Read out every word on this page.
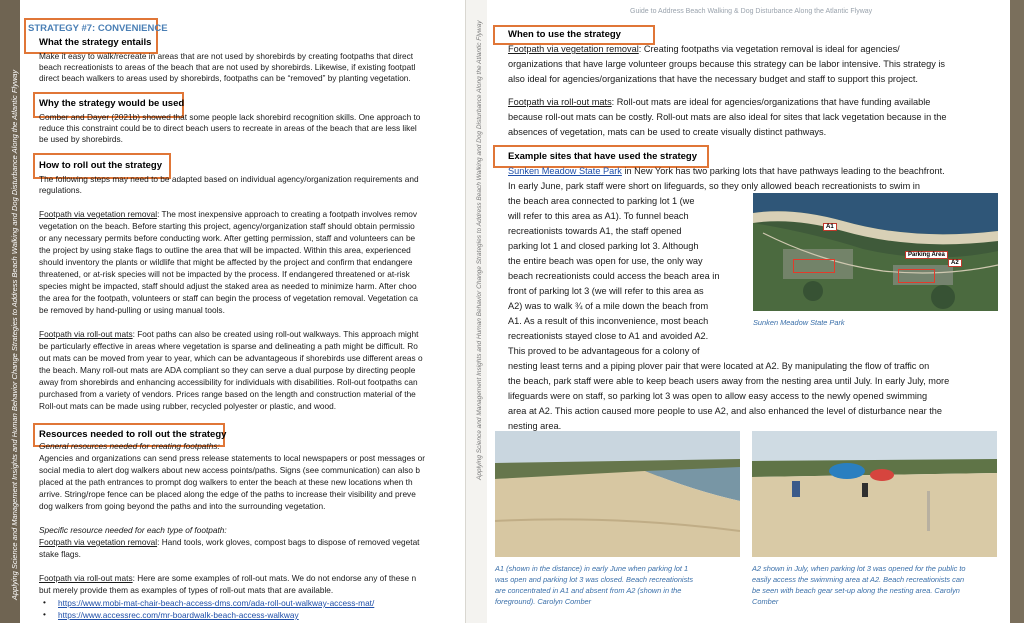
Applying Science and Management Insights and Human Behavior Change Strategies to Address Beach Walking and Dog Disturbance Along the Atlantic Flyway
STRATEGY #7: CONVENIENCE
What the strategy entails
Make it easy to walk/recreate in areas that are not used by shorebirds by creating footpaths that direct
beach recreationists to areas of the beach that are not used by shorebirds. Likewise, if existing footpatl
direct beach walkers to areas used by shorebirds, footpaths can be “removed” by planting vegetation.
Why the strategy would be used
Comber and Dayer (2021b) showed that some people lack shorebird recognition skills. One approach to
reduce this constraint could be to direct beach users to recreate in areas of the beach that are less likel
be used by shorebirds.
How to roll out the strategy
The following steps may need to be adapted based on individual agency/organization requirements and
regulations.
Footpath via vegetation removal: The most inexpensive approach to creating a footpath involves remov
vegetation on the beach. Before starting this project, agency/organization staff should obtain permissio
or any necessary permits before conducting work. After getting permission, staff and volunteers can be
the project by using stake flags to outline the area that will be impacted. Within this area, experienced
should inventory the plants or wildlife that might be affected by the project and confirm that endangere
threatened, or at-risk species will not be impacted by the process. If endangered threatened or at-risk
species might be impacted, staff should adjust the staked area as needed to minimize harm. After choo
the area for the footpath, volunteers or staff can begin the process of vegetation removal. Vegetation ca
be removed by hand-pulling or using manual tools.
Footpath via roll-out mats: Foot paths can also be created using roll-out walkways. This approach might
be particularly effective in areas where vegetation is sparse and delineating a path might be difficult. Ro
out mats can be moved from year to year, which can be advantageous if shorebirds use different areas o
the beach. Many roll-out mats are ADA compliant so they can serve a dual purpose by directing people
away from shorebirds and enhancing accessibility for individuals with disabilities. Roll-out footpaths can
purchased from a variety of vendors. Prices range based on the length and construction material of the
Roll-out mats can be made using rubber, recycled polyester or plastic, and wood.
Resources needed to roll out the strategy
General resources needed for creating footpaths:
Agencies and organizations can send press release statements to local newspapers or post messages or
social media to alert dog walkers about new access points/paths. Signs (see communication) can also b
placed at the path entrances to prompt dog walkers to enter the beach at these new locations when th
arrive. String/rope fence can be placed along the edge of the paths to increase their visibility and preve
dog walkers from going beyond the paths and into the surrounding vegetation.
Specific resource needed for each type of footpath:
Footpath via vegetation removal: Hand tools, work gloves, compost bags to dispose of removed vegetat
stake flags.
Footpath via roll-out mats: Here are some examples of roll-out mats. We do not endorse any of these n
but merely provide them as examples of types of roll-out mats that are available.
• https://www.mobi-mat-chair-beach-access-dms.com/ada-roll-out-walkway-access-mat/
• https://www.accessrec.com/mr-boardwalk-beach-access-walkway
Applying Science and Management Insights and Human Behavior Change Strategies to Address Beach Walking and Dog Disturbance Along the Atlantic Flyway
Guide to Address Beach Walking & Dog Disturbance Along the Atlantic Flyway
When to use the strategy
Footpath via vegetation removal: Creating footpaths via vegetation removal is ideal for agencies/
organizations that have large volunteer groups because this strategy can be labor intensive. This strategy is
also ideal for agencies/organizations that have the necessary budget and staff to support this project.
Footpath via roll-out mats: Roll-out mats are ideal for agencies/organizations that have funding available
because roll-out mats can be costly. Roll-out mats are also ideal for sites that lack vegetation because in the
absences of vegetation, mats can be used to create visually distinct pathways.
Example sites that have used the strategy
Sunken Meadow State Park in New York has two parking lots that have pathways leading to the beachfront.
In early June, park staff were short on lifeguards, so they only allowed beach recreationists to swim in
the beach area connected to parking lot 1 (we
will refer to this area as A1). To funnel beach
recreationists towards A1, the staff opened
parking lot 1 and closed parking lot 3. Although
the entire beach was open for use, the only way
beach recreationists could access the beach area in
front of parking lot 3 (we will refer to this area as
A2) was to walk ¾ of a mile down the beach from
A1. As a result of this inconvenience, most beach
recreationists stayed close to A1 and avoided A2.
This proved to be advantageous for a colony of
nesting least terns and a piping plover pair that were located at A2. By manipulating the flow of traffic on
the beach, park staff were able to keep beach users away from the nesting area until July. In early July, more
lifeguards were on staff, so parking lot 3 was open to allow easy access to the newly opened swimming
area at A2. This action caused more people to use A2, and also enhanced the level of disturbance near the
nesting area.
A1
A2
Parking Area
Sunken Meadow State Park
A1 (shown in the distance) in early June when parking lot 1
was open and parking lot 3 was closed. Beach recreationists
are concentrated in A1 and absent from A2 (shown in the
foreground). Carolyn Comber
A2 shown in July, when parking lot 3 was opened for the public to
easily access the swimming area at A2. Beach recreationists can
be seen with beach gear set-up along the nesting area. Carolyn
Comber
